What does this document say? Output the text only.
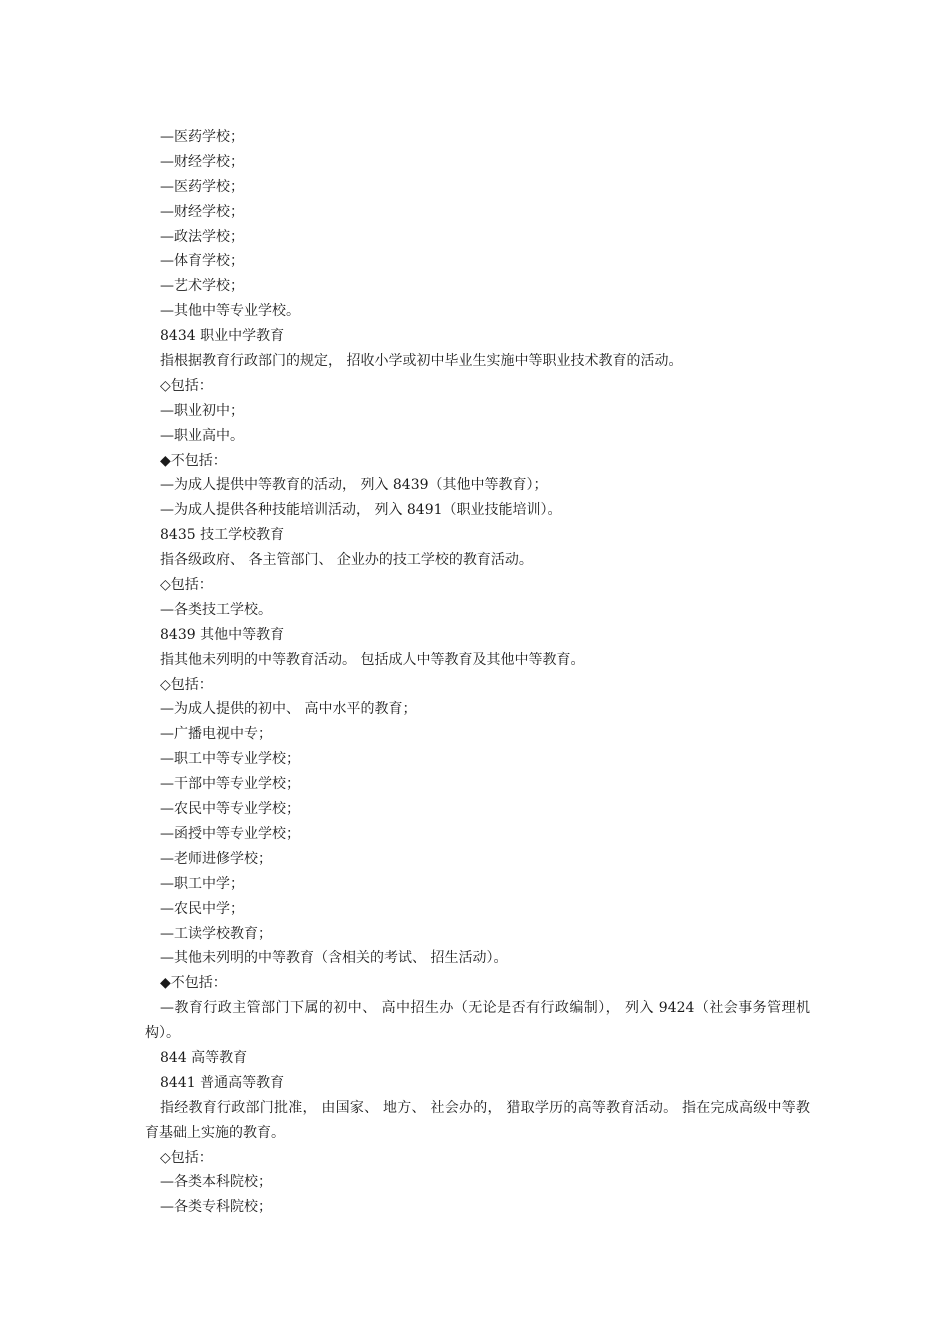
—医药学校；
—财经学校；
—医药学校；
—财经学校；
—政法学校；
—体育学校；
—艺术学校；
—其他中等专业学校。
8434 职业中学教育
指根据教育行政部门的规定， 招收小学或初中毕业生实施中等职业技术教育的活动。
◇包括：
—职业初中；
—职业高中。
◆不包括：
—为成人提供中等教育的活动， 列入 8439（其他中等教育）；
—为成人提供各种技能培训活动， 列入 8491（职业技能培训）。
8435 技工学校教育
指各级政府、 各主管部门、 企业办的技工学校的教育活动。
◇包括：
—各类技工学校。
8439 其他中等教育
指其他未列明的中等教育活动。 包括成人中等教育及其他中等教育。
◇包括：
—为成人提供的初中、 高中水平的教育；
—广播电视中专；
—职工中等专业学校；
—干部中等专业学校；
—农民中等专业学校；
—函授中等专业学校；
—老师进修学校；
—职工中学；
—农民中学；
—工读学校教育；
—其他未列明的中等教育（含相关的考试、 招生活动）。
◆不包括：
—教育行政主管部门下属的初中、 高中招生办（无论是否有行政编制）， 列入 9424（社会事务管理机构）。
844 高等教育
8441 普通高等教育
指经教育行政部门批准， 由国家、 地方、 社会办的， 猎取学历的高等教育活动。 指在完成高级中等教育基础上实施的教育。
◇包括：
—各类本科院校；
—各类专科院校；
